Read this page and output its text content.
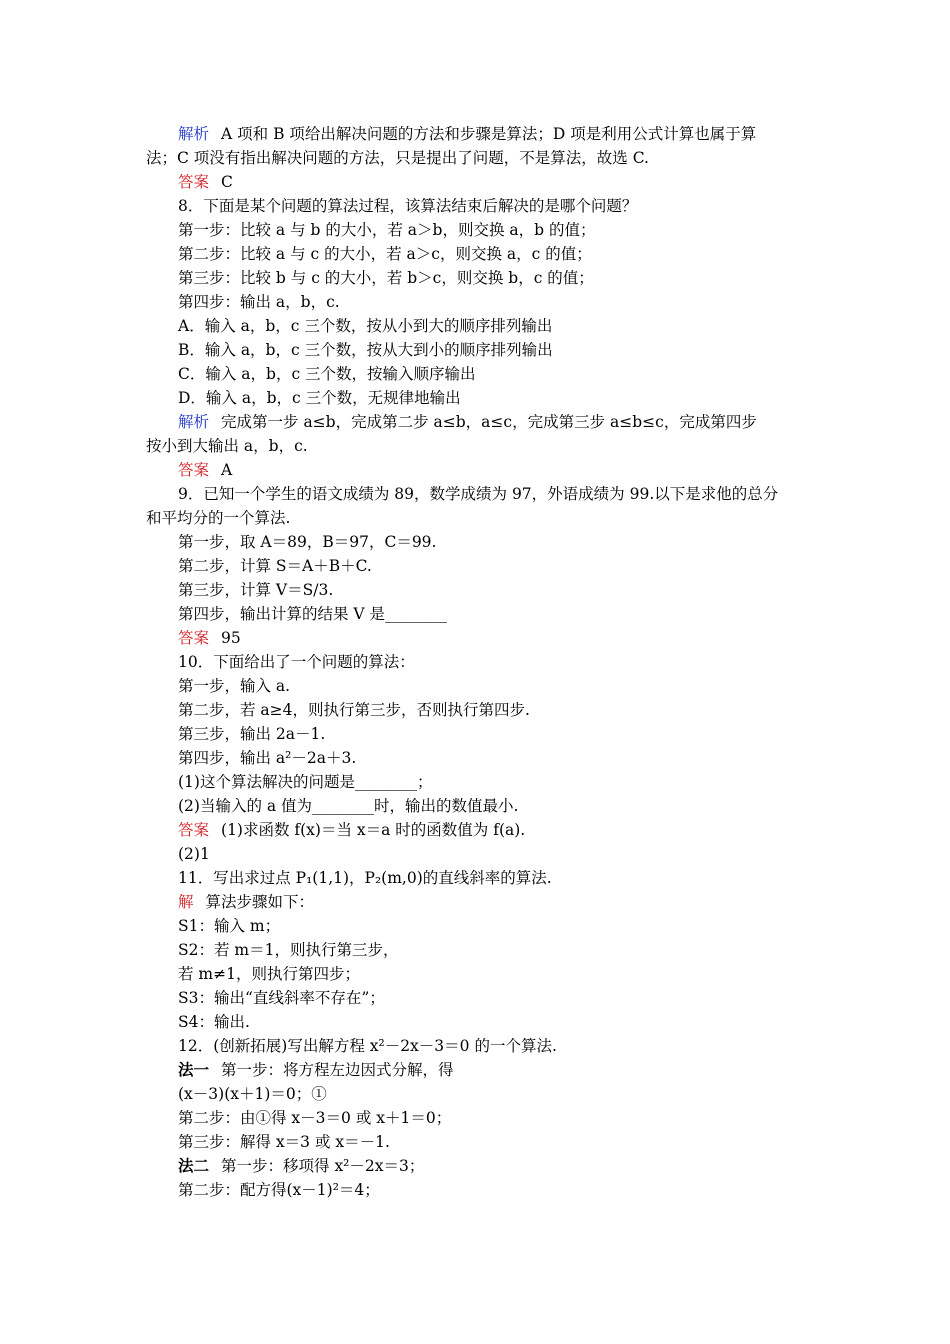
解析 A 项和 B 项给出解决问题的方法和步骤是算法；D 项是利用公式计算也属于算
法；C 项没有指出解决问题的方法，只是提出了问题，不是算法，故选 C.
答案 C
8．下面是某个问题的算法过程，该算法结束后解决的是哪个问题？
第一步：比较 a 与 b 的大小，若 a＞b，则交换 a，b 的值；
第二步：比较 a 与 c 的大小，若 a＞c，则交换 a，c 的值；
第三步：比较 b 与 c 的大小，若 b＞c，则交换 b，c 的值；
第四步：输出 a，b，c.
A．输入 a，b，c 三个数，按从小到大的顺序排列输出
B．输入 a，b，c 三个数，按从大到小的顺序排列输出
C．输入 a，b，c 三个数，按输入顺序输出
D．输入 a，b，c 三个数，无规律地输出
解析 完成第一步 a≤b，完成第二步 a≤b，a≤c，完成第三步 a≤b≤c，完成第四步
按小到大输出 a，b，c.
答案 A
9．已知一个学生的语文成绩为 89，数学成绩为 97，外语成绩为 99.以下是求他的总分
和平均分的一个算法.
第一步，取 A＝89，B＝97，C＝99.
第二步，计算 S＝A＋B＋C.
第三步，计算 V＝S/3.
第四步，输出计算的结果 V 是________
答案 95
10．下面给出了一个问题的算法：
第一步，输入 a.
第二步，若 a≥4，则执行第三步，否则执行第四步.
第三步，输出 2a－1.
第四步，输出 a²－2a＋3.
(1)这个算法解决的问题是________；
(2)当输入的 a 值为________时，输出的数值最小.
答案 (1)求函数 f(x)＝当 x＝a 时的函数值为 f(a).
(2)1
11．写出求过点 P₁(1,1)，P₂(m,0)的直线斜率的算法.
解 算法步骤如下：
S1：输入 m；
S2：若 m＝1，则执行第三步，
若 m≠1，则执行第四步；
S3：输出“直线斜率不存在”；
S4：输出.
12．(创新拓展)写出解方程 x²－2x－3＝0 的一个算法.
法一 第一步：将方程左边因式分解，得
(x－3)(x＋1)＝0；①
第二步：由①得 x－3＝0 或 x＋1＝0；
第三步：解得 x＝3 或 x＝－1.
法二 第一步：移项得 x²－2x＝3；
第二步：配方得(x－1)²＝4；
